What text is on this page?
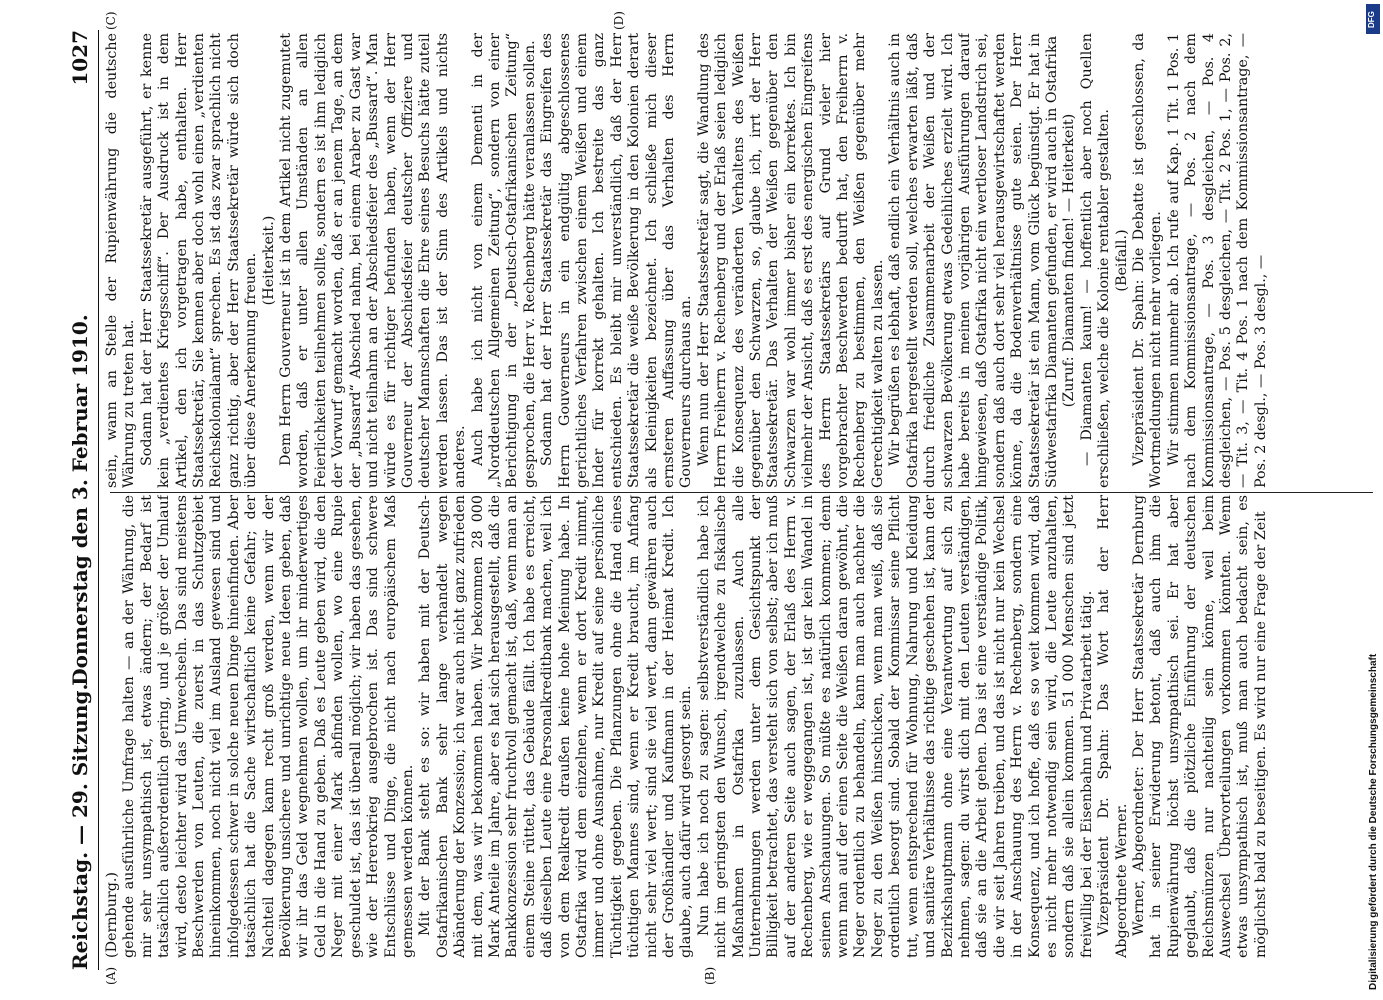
Reichstag. — 29. Sitzung.
Donnerstag den 3. Februar 1910.
1027
(A)	(B)
(C)	(D)

(Dernburg.) gehende ausführliche Umfrage halten — an der Währung, die mir sehr unsympathisch ist, etwas ändern; der Bedarf ist tatsächlich außerordentlich gering, und je größer der Umlauf wird, desto leichter wird das Umwechseln. Das sind meistens Beschwerden von Leuten, die zuerst in das Schutzgebiet hineinkommen, noch nicht viel im Ausland gewesen sind und infolgedessen schwer in solche neuen Dinge hineinfinden. Aber tatsächlich hat die Sache wirtschaftlich keine Gefahr; der Nachteil dagegen kann recht groß werden, wenn wir der Bevölkerung unsichere und unrichtige neue Ideen geben, daß wir ihr das Geld wegnehmen wollen, um ihr minderwertiges Geld in die Hand zu geben. Daß es Leute geben wird, die den Neger mit einer Mark abfinden wollen, wo eine Rupie geschuldet ist, das ist überall möglich; wir haben das gesehen, wie der Hererokrieg ausgebrochen ist. Das sind schwere Entschlüsse und Dinge, die nicht nach europäischem Maß gemessen werden können. Mit der Bank steht es so: wir haben mit der Deutsch-Ostafrikanischen Bank sehr lange verhandelt wegen Abänderung der Konzession; ich war auch nicht ganz zufrieden mit dem, was wir bekommen haben. Wir bekommen 28 000 Mark Anteile im Jahre, aber es hat sich herausgestellt, daß die Bankkonzession sehr fruchtvoll gemacht ist, daß, wenn man an einem Steine rüttelt, das Gebäude fällt. Ich habe es erreicht, daß dieselben Leute eine Personalkreditbank machen, weil ich von dem Realkredit draußen keine hohe Meinung habe. In Ostafrika wird dem einzelnen, wenn er dort Kredit nimmt, immer und ohne Ausnahme, nur Kredit auf seine persönliche Tüchtigkeit gegeben. Die Pflanzungen ohne die Hand eines tüchtigen Mannes sind, wenn er Kredit braucht, im Anfang nicht sehr viel wert; sind sie viel wert, dann gewähren auch der Großhändler und Kaufmann in der Heimat Kredit. Ich glaube, auch dafür wird gesorgt sein. Nun habe ich noch zu sagen: selbstverständlich habe ich nicht im geringsten den Wunsch, irgendwelche zu fiskalische Maßnahmen in Ostafrika zuzulassen. Auch alle Unternehmungen werden unter dem Gesichtspunkt der Billigkeit betrachtet, das versteht sich von selbst; aber ich muß auf der anderen Seite auch sagen, der Erlaß des Herrn v. Rechenberg, wie er weggegangen ist, ist gar kein Wandel in seinen Anschauungen. So müßte es natürlich kommen; denn wenn man auf der einen Seite die Weißen daran gewöhnt, die Neger ordentlich zu behandeln, kann man auch nachher die Neger zu den Weißen hinschicken, wenn man weiß, daß sie ordentlich besorgt sind. Sobald der Kommissar seine Pflicht tut, wenn entsprechend für Wohnung, Nahrung und Kleidung und sanitäre Verhältnisse das richtige geschehen ist, kann der Bezirkshauptmann ohne eine Verantwortung auf sich zu nehmen, sagen: du wirst dich mit den Leuten verständigen, daß sie an die Arbeit gehen. Das ist eine verständige Politik, die wir seit Jahren treiben, und das ist nicht nur kein Wechsel in der Anschauung des Herrn v. Rechenberg, sondern eine Konsequenz, und ich hoffe, daß es so weit kommen wird, daß es nicht mehr notwendig sein wird, die Leute anzuhalten, sondern daß sie allein kommen. 51 000 Menschen sind jetzt freiwillig bei der Eisenbahn und Privatarbeit tätig. Vizepräsident Dr. Spahn: Das Wort hat der Herr Abgeordnete Werner. Werner, Abgeordneter: Der Herr Staatssekretär Dernburg hat in seiner Erwiderung betont, daß auch ihm die Rupienwährung höchst unsympathisch sei. Er hat aber geglaubt, daß die plötzliche Einführung der deutschen Reichsmünzen nur nachteilig sein könne, weil beim Auswechsel Übervorteilungen vorkommen könnten. Wenn etwas unsympathisch ist, muß man auch bedacht sein, es möglichst bald zu beseitigen. Es wird nur eine Frage der Zeit

sein, wann an Stelle der Rupienwährung die deutsche Währung zu treten hat. Sodann hat der Herr Staatssekretär ausgeführt, er kenne kein „verdientes Kriegsschiff“. Der Ausdruck ist in dem Artikel, den ich vorgetragen habe, enthalten. Herr Staatssekretär, Sie kennen aber doch wohl einen „verdienten Reichskolonialamt“ sprechen. Es ist das zwar sprachlich nicht ganz richtig, aber der Herr Staatssekretär würde sich doch über diese Anerkennung freuen. (Heiterkeit.) Dem Herrn Gouverneur ist in dem Artikel nicht zugemutet worden, daß er unter allen Umständen an allen Feierlichkeiten teilnehmen sollte, sondern es ist ihm lediglich der Vorwurf gemacht worden, daß er an jenem Tage, an dem der „Bussard“ Abschied nahm, bei einem Araber zu Gast war und nicht teilnahm an der Abschiedsfeier des „Bussard“. Man würde es für richtiger befunden haben, wenn der Herr Gouverneur der Abschiedsfeier deutscher Offiziere und deutscher Mannschaften die Ehre seines Besuchs hätte zuteil werden lassen. Das ist der Sinn des Artikels und nichts anderes. Auch habe ich nicht von einem Dementi in der „Norddeutschen Allgemeinen Zeitung“, sondern von einer Berichtigung in der „Deutsch-Ostafrikanischen Zeitung“ gesprochen, die Herr v. Rechenberg hätte veranlassen sollen. Sodann hat der Herr Staatssekretär das Eingreifen des Herrn Gouverneurs in ein endgültig abgeschlossenes gerichtliches Verfahren zwischen einem Weißen und einem Inder für korrekt gehalten. Ich bestreite das ganz entschieden. Es bleibt mir unverständlich, daß der Herr Staatssekretär die weiße Bevölkerung in den Kolonien derart als Kleinigkeiten bezeichnet. Ich schließe mich dieser ernsteren Auffassung über das Verhalten des Herrn Gouverneurs durchaus an. Wenn nun der Herr Staatssekretär sagt, die Wandlung des Herrn Freiherrn v. Rechenberg und der Erlaß seien lediglich die Konsequenz des veränderten Verhaltens des Weißen gegenüber den Schwarzen, so, glaube ich, irrt der Herr Staatssekretär. Das Verhalten der Weißen gegenüber den Schwarzen war wohl immer bisher ein korrektes. Ich bin vielmehr der Ansicht, daß es erst des energischen Eingreifens des Herrn Staatssekretärs auf Grund vieler hier vorgebrachter Beschwerden bedurft hat, den Freiherrn v. Rechenberg zu bestimmen, den Weißen gegenüber mehr Gerechtigkeit walten zu lassen. Wir begrüßen es lebhaft, daß endlich ein Verhältnis auch in Ostafrika hergestellt werden soll, welches erwarten läßt, daß durch friedliche Zusammenarbeit der Weißen und der schwarzen Bevölkerung etwas Gedeihliches erzielt wird. Ich habe bereits in meinen vorjährigen Ausführungen darauf hingewiesen, daß Ostafrika nicht ein wertloser Landstrich sei, sondern daß auch dort sehr viel herausgewirtschaftet werden könne, da die Bodenverhältnisse gute seien. Der Herr Staatssekretär ist ein Mann, vom Glück begünstigt. Er hat in Südwestafrika Diamanten gefunden, er wird auch in Ostafrika (Zuruf: Diamanten finden! — Heiterkeit) — Diamanten kaum! — hoffentlich aber noch Quellen erschließen, welche die Kolonie rentabler gestalten. (Beifall.) Vizepräsident Dr. Spahn: Die Debatte ist geschlossen, da Wortmeldungen nicht mehr vorliegen. Wir stimmen nunmehr ab. Ich rufe auf Kap. 1 Tit. 1 Pos. 1 nach dem Kommissionsantrage, — Pos. 2 nach dem Kommissionsantrage, — Pos. 3 desgleichen, — Pos. 4 desgleichen, — Pos. 5 desgleichen, — Tit. 2 Pos. 1, — Pos. 2, — Tit. 3, — Tit. 4 Pos. 1 nach dem Kommissionsantrage, — Pos. 2 desgl., — Pos. 3 desgl., —

DFG
Digitalisierung gefördert durch die Deutsche Forschungsgemeinschaft
